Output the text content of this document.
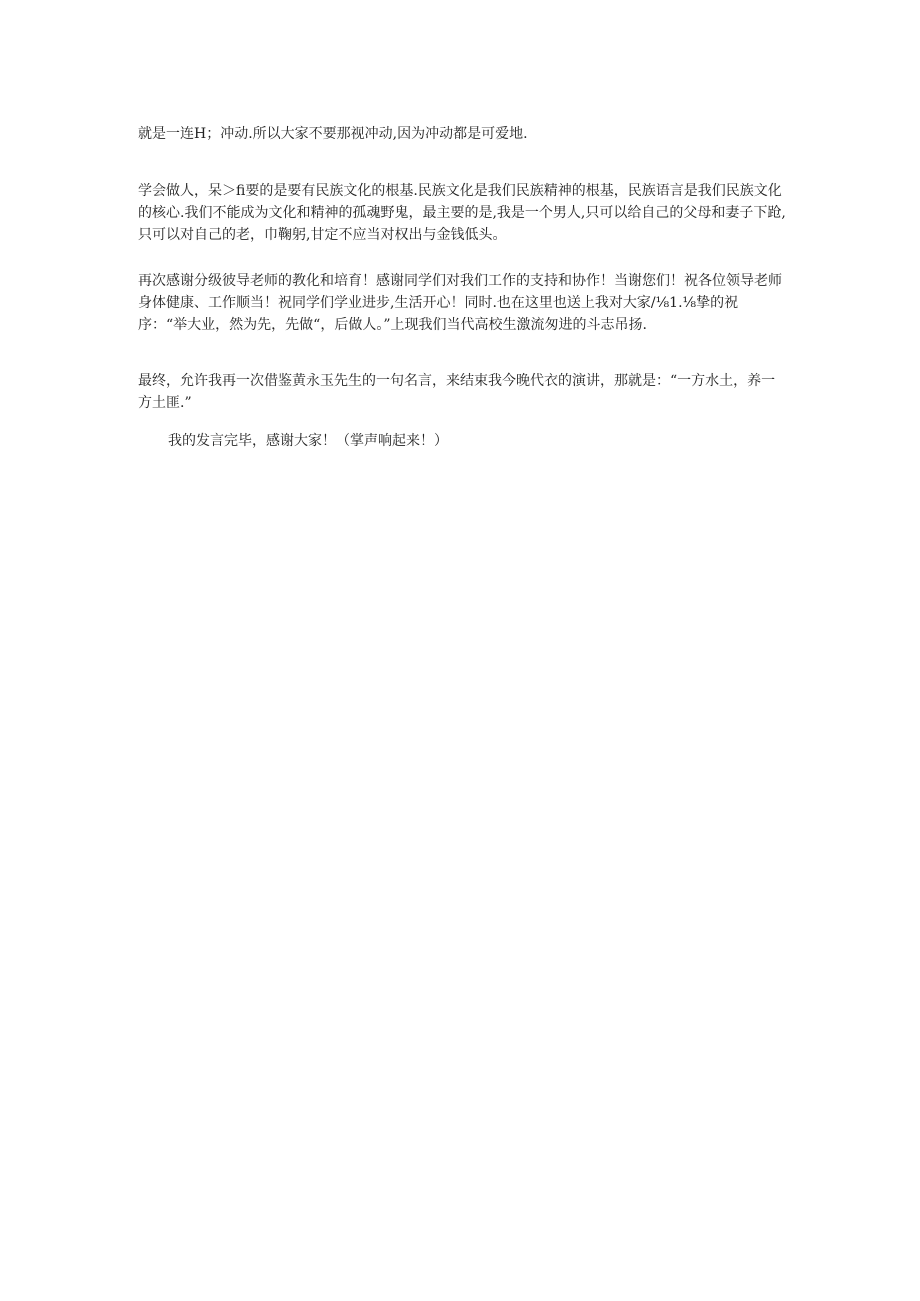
就是一连H；冲动.所以大家不要那视冲动,因为冲动都是可爱地.

学会做人，呆＞fi要的是要有民族文化的根基.民族文化是我们民族精神的根基，民族语言是我们民族文化的核心.我们不能成为文化和精神的孤魂野鬼，最主要的是,我是一个男人,只可以给自己的父母和妻子下跄,只可以对自己的老，巾鞠躬,甘定不应当对权出与金钱低头。

再次感谢分级彼导老师的教化和培育！感谢同学们对我们工作的支持和协作！当谢您们！祝各位领导老师身体健康、工作顺当！祝同学们学业进步,生活开心！同时.也在这里也送上我对大家/⅛1.⅛挚的祝序：“举大业，然为先，先做“，后做人。”上现我们当代高校生激流匆进的斗志吊扬.

最终，允许我再一次借鉴黄永玉先生的一句名言，来结束我今晚代衣的演讲，那就是：“一方水土，养一方土匪.”

我的发言完毕，感谢大家！（掌声响起来！）
